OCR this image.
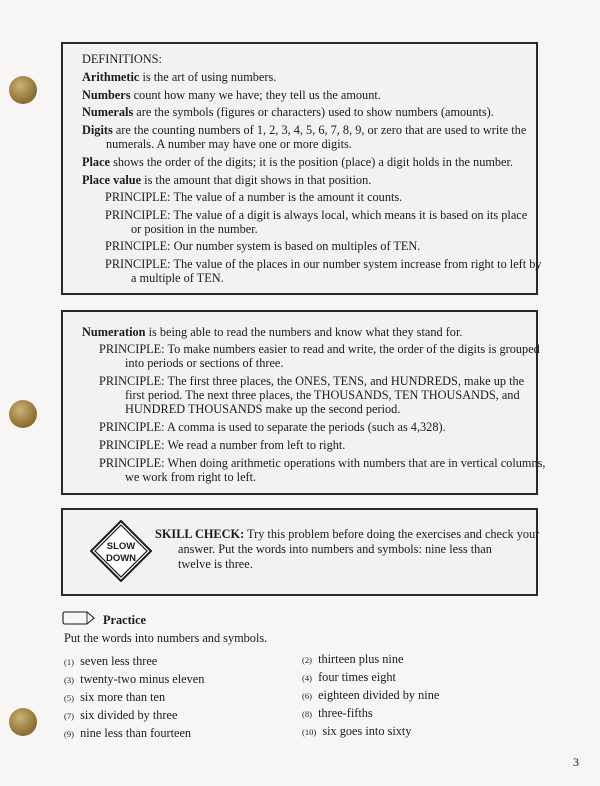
DEFINITIONS:
Arithmetic is the art of using numbers.
Numbers count how many we have; they tell us the amount.
Numerals are the symbols (figures or characters) used to show numbers (amounts).
Digits are the counting numbers of 1, 2, 3, 4, 5, 6, 7, 8, 9, or zero that are used to write the
numerals. A number may have one or more digits.
Place shows the order of the digits; it is the position (place) a digit holds in the number.
Place value is the amount that digit shows in that position.
PRINCIPLE: The value of a number is the amount it counts.
PRINCIPLE: The value of a digit is always local, which means it is based on its place
or position in the number.
PRINCIPLE: Our number system is based on multiples of TEN.
PRINCIPLE: The value of the places in our number system increase from right to left by
a multiple of TEN.
Numeration is being able to read the numbers and know what they stand for.
PRINCIPLE: To make numbers easier to read and write, the order of the digits is grouped
into periods or sections of three.
PRINCIPLE: The first three places, the ONES, TENS, and HUNDREDS, make up the
first period. The next three places, the THOUSANDS, TEN THOUSANDS, and
HUNDRED THOUSANDS make up the second period.
PRINCIPLE: A comma is used to separate the periods (such as 4,328).
PRINCIPLE: We read a number from left to right.
PRINCIPLE: When doing arithmetic operations with numbers that are in vertical columns,
we work from right to left.
SLOW
DOWN
SKILL CHECK: Try this problem before doing the exercises and check your
answer. Put the words into numbers and symbols: nine less than
twelve is three.
Practice
Put the words into numbers and symbols.
(1) seven less three
(3) twenty-two minus eleven
(5) six more than ten
(7) six divided by three
(9) nine less than fourteen
(2) thirteen plus nine
(4) four times eight
(6) eighteen divided by nine
(8) three-fifths
(10) six goes into sixty
3
